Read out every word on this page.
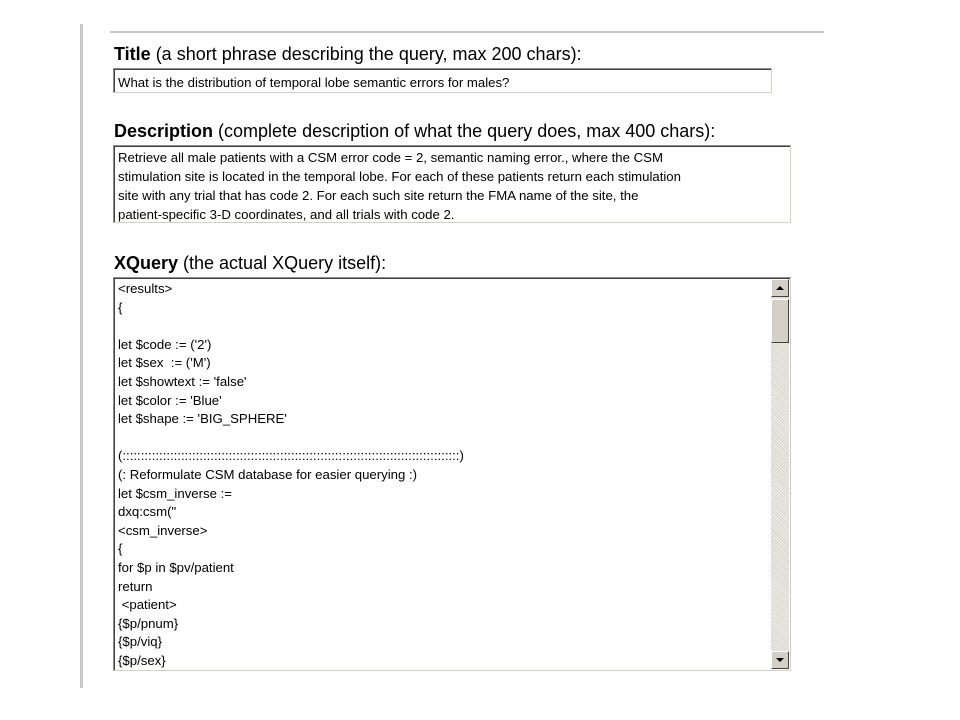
Title (a short phrase describing the query, max 200 chars):
What is the distribution of temporal lobe semantic errors for males?
Description (complete description of what the query does, max 400 chars):
Retrieve all male patients with a CSM error code = 2, semantic naming error., where the CSM
stimulation site is located in the temporal lobe. For each of these patients return each stimulation
site with any trial that has code 2. For each such site return the FMA name of the site, the
patient-specific 3-D coordinates, and all trials with code 2.
XQuery (the actual XQuery itself):
<results>
{
let $code := ('2')
let $sex  := ('M')
let $showtext := 'false'
let $color := 'Blue'
let $shape := 'BIG_SPHERE'
(::::::::::::::::::::::::::::::::::::::::::::::::::::::::::::::::::::::::::::::::::::::::::::)
(: Reformulate CSM database for easier querying :)
let $csm_inverse :=
dxq:csm("
<csm_inverse>
{
for $p in $pv/patient
return
<patient>
{$p/pnum}
{$p/viq}
{$p/sex}
